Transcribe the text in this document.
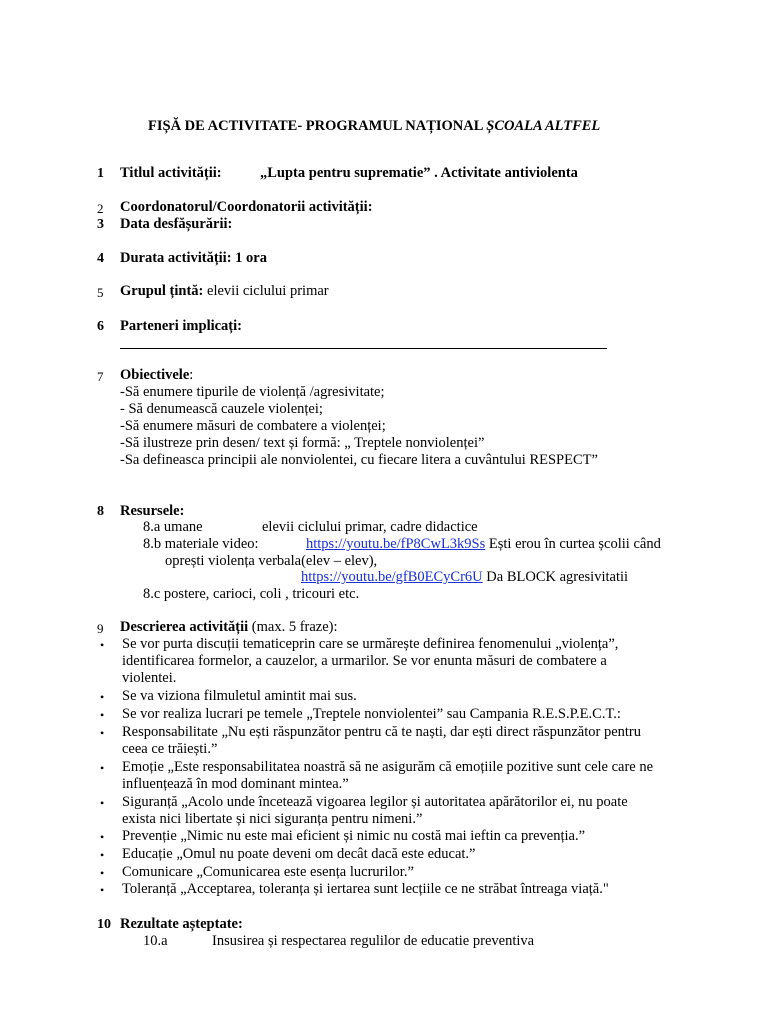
FIȘĂ DE ACTIVITATE- PROGRAMUL NAȚIONAL ȘCOALA ALTFEL
1 Titlul activității:	„Lupta pentru suprematie” . Activitate antiviolenta
2 Coordonatorul/Coordonatorii activității:
3 Data desfășurării:
4 Durata activității: 1 ora
5 Grupul țintă: elevii ciclului primar
6 Parteneri implicați:
7 Obiectivele:
-Să enumere tipurile de violență /agresivitate;
- Să denumească cauzele violenței;
-Să enumere măsuri de combatere a violenței;
-Să ilustreze prin desen/ text și formă: „ Treptele nonviolenței”
-Sa defineasca principii ale nonviolentei, cu fiecare litera a cuvântului RESPECT”
8 Resursele:
8.a umane	elevii ciclului primar, cadre didactice
8.b materiale video:	https://youtu.be/fP8CwL3k9Ss Ești erou în curtea școlii când
oprești violența verbala(elev – elev),
https://youtu.be/gfB0ECyCr6U Da BLOCK agresivitatii
8.c postere, carioci, coli , tricouri etc.
9 Descrierea activității (max. 5 fraze):
• Se vor purta discuții tematiceprin care se urmărește definirea fenomenului „violența”,
identificarea formelor, a cauzelor, a urmarilor. Se vor enunta măsuri de combatere a
violentei.
• Se va viziona filmuletul amintit mai sus.
• Se vor realiza lucrari pe temele „Treptele nonviolentei” sau Campania R.E.S.P.E.C.T.:
• Responsabilitate „Nu ești răspunzător pentru că te naști, dar ești direct răspunzător pentru
ceea ce trăiești.”
• Emoție „Este responsabilitatea noastră să ne asigurăm că emoțiile pozitive sunt cele care ne
influențează în mod dominant mintea.”
• Siguranță „Acolo unde încetează vigoarea legilor și autoritatea apărătorilor ei, nu poate
exista nici libertate și nici siguranța pentru nimeni.”
• Prevenție „Nimic nu este mai eficient și nimic nu costă mai ieftin ca prevenția.”
• Educație „Omul nu poate deveni om decât dacă este educat.”
• Comunicare „Comunicarea este esența lucrurilor.”
• Toleranță „Acceptarea, toleranța și iertarea sunt lecțiile ce ne străbat întreaga viață."
10 Rezultate așteptate:
10.a	Insusirea și respectarea regulilor de educatie preventiva
